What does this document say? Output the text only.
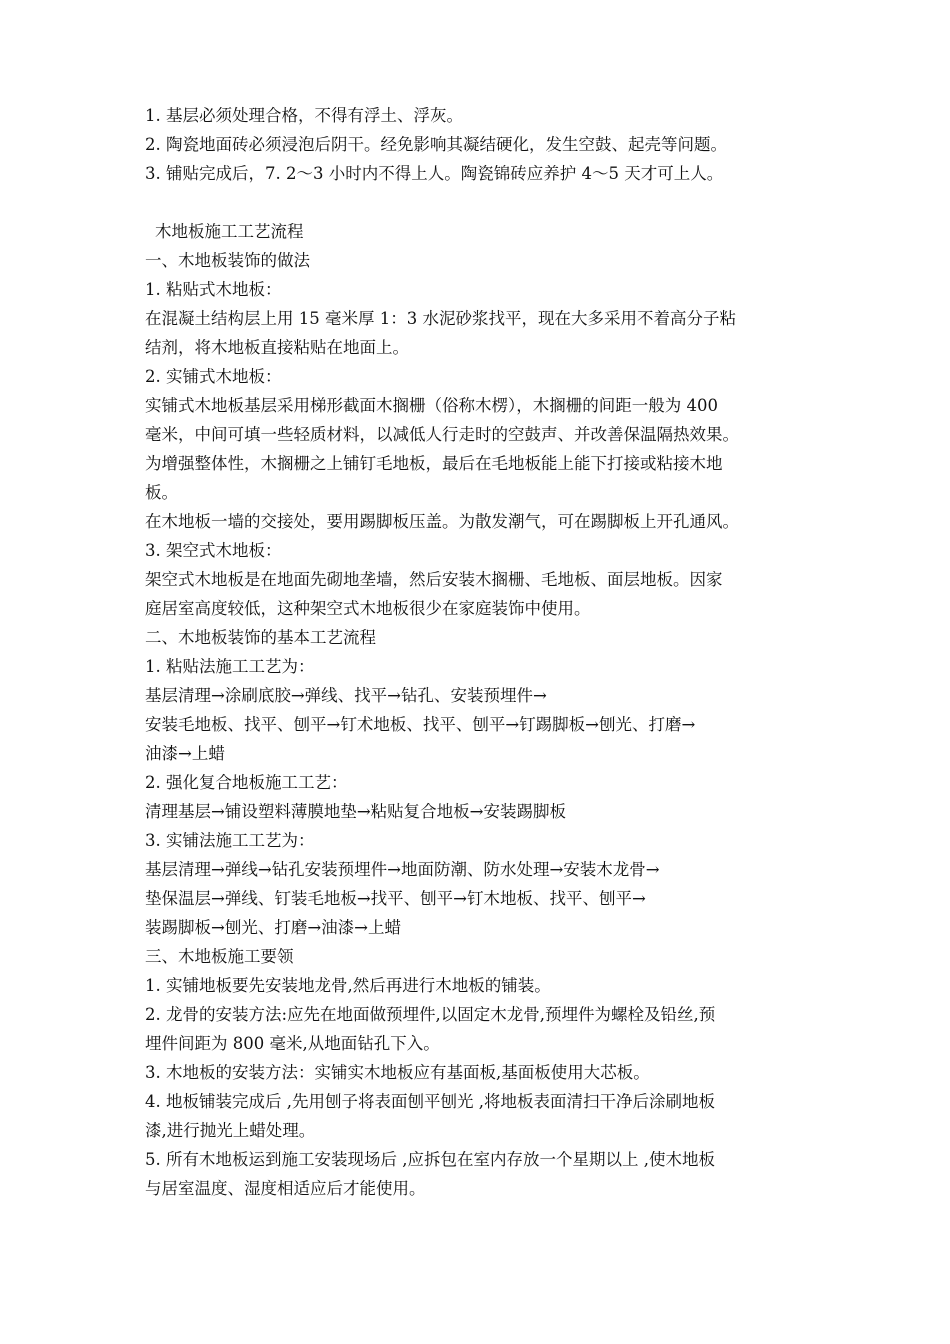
1. 基层必须处理合格，不得有浮土、浮灰。
2. 陶瓷地面砖必须浸泡后阴干。经免影响其凝结硬化，发生空鼓、起壳等问题。
3. 铺贴完成后，7. 2～3 小时内不得上人。陶瓷锦砖应养护 4～5 天才可上人。
木地板施工工艺流程
一、木地板装饰的做法
1. 粘贴式木地板：
在混凝土结构层上用 15 毫米厚 1：3 水泥砂浆找平，现在大多采用不着高分子粘
结剂，将木地板直接粘贴在地面上。
2. 实铺式木地板：
实铺式木地板基层采用梯形截面木搁栅（俗称木楞），木搁栅的间距一般为 400
毫米，中间可填一些轻质材料，以减低人行走时的空鼓声、并改善保温隔热效果。
为增强整体性，木搁栅之上铺钉毛地板，最后在毛地板能上能下打接或粘接木地
板。
在木地板一墙的交接处，要用踢脚板压盖。为散发潮气，可在踢脚板上开孔通风。
3. 架空式木地板：
架空式木地板是在地面先砌地垄墙，然后安装木搁栅、毛地板、面层地板。因家
庭居室高度较低，这种架空式木地板很少在家庭装饰中使用。
二、木地板装饰的基本工艺流程
1. 粘贴法施工工艺为：
基层清理→涂刷底胶→弹线、找平→钻孔、安装预埋件→
安装毛地板、找平、刨平→钉术地板、找平、刨平→钉踢脚板→刨光、打磨→
油漆→上蜡
2. 强化复合地板施工工艺：
清理基层→铺设塑料薄膜地垫→粘贴复合地板→安装踢脚板
3. 实铺法施工工艺为：
基层清理→弹线→钻孔安装预埋件→地面防潮、防水处理→安装木龙骨→
垫保温层→弹线、钉装毛地板→找平、刨平→钉木地板、找平、刨平→
装踢脚板→刨光、打磨→油漆→上蜡
三、木地板施工要领
1. 实铺地板要先安装地龙骨,然后再进行木地板的铺装。
2. 龙骨的安装方法:应先在地面做预埋件,以固定木龙骨,预埋件为螺栓及铅丝,预
埋件间距为 800 毫米,从地面钻孔下入。
3. 木地板的安装方法：实铺实木地板应有基面板,基面板使用大芯板。
4. 地板铺装完成后 ,先用刨子将表面刨平刨光 ,将地板表面清扫干净后涂刷地板
漆,进行抛光上蜡处理。
5. 所有木地板运到施工安装现场后 ,应拆包在室内存放一个星期以上 ,使木地板
与居室温度、湿度相适应后才能使用。
